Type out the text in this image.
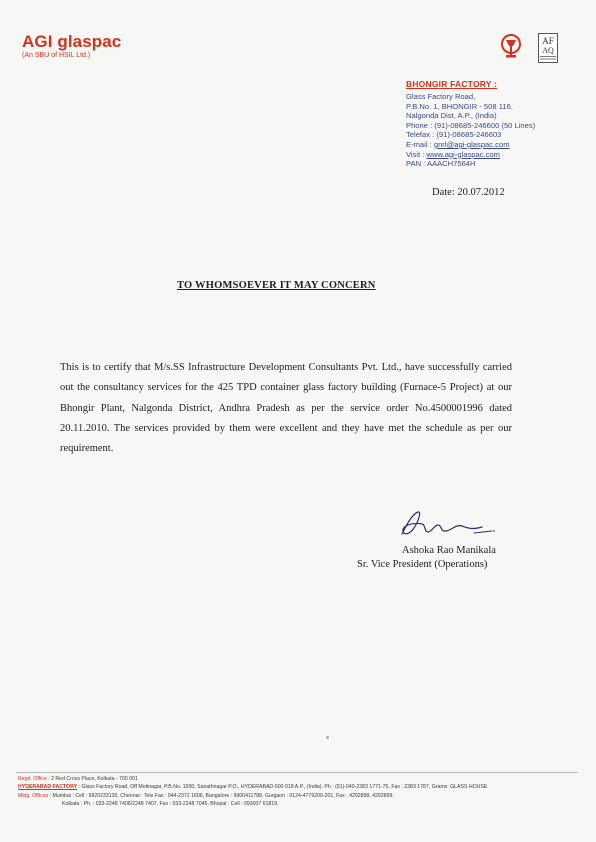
AGI glaspac
(An SBU of HSIL Ltd.)
AF
AQ
BHONGIR FACTORY :
Glass Factory Road,
P.B.No. 1, BHONGIR - 508 116.
Nalgonda Dist, A.P., (India)
Phone : (91)-08685-246600 (50 Lines)
Telefax : (91)-08685-246603
E-mail : gnrl@agi-glaspac.com
Visit : www.agi-glaspac.com
PAN : AAACH7564H
Date: 20.07.2012
TO WHOMSOEVER IT MAY CONCERN
This is to certify that M/s.SS Infrastructure Development Consultants Pvt. Ltd., have successfully carried out the consultancy services for the 425 TPD container glass factory building (Furnace-5 Project) at our Bhongir Plant, Nalgonda District, Andhra Pradesh as per the service order No.4500001996 dated 20.11.2010. The services provided by them were excellent and they have met the schedule as per our requirement.
Ashoka Rao Manikala
Sr. Vice President (Operations)
Regd. Office : 2 Red Cross Place, Kolkata - 700 001
HYDERABAD FACTORY : Glass Factory Road, Off Motinagar, P.B.No. 1930, Sanathnagar P.O., HYDERABAD-500 018 A.P., (India). Ph : (91)-040-2383 1771-75, Fax : 2383 1787, Grams: GLASS HOUSE
Mktg. Offices : Mumbai : Cell : 9820233135, Chennai : Tele Fax : 044-2372 1606, Bangalore : 9900411788, Gurgaon : 0124-4779200-201, Fax : 4292898, 4292899,
Kolkata : Ph. : 033-2248 7406/2248 7407, Fax : 033-2248 7045, Bhopal : Cell : 093007 61819.
